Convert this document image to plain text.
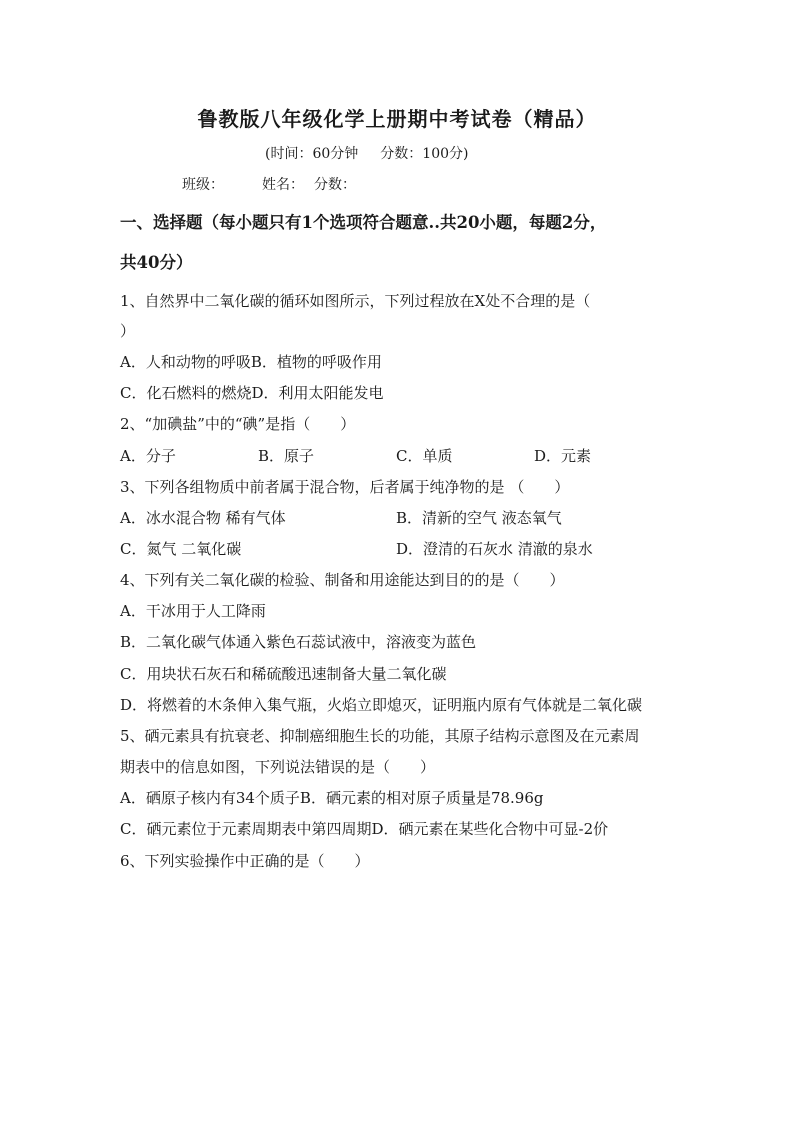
鲁教版八年级化学上册期中考试卷（精品）
(时间：60分钟 分数：100分)
班级：	姓名： 分数：
一、选择题（每小题只有1个选项符合题意..共20小题，每题2分，
共40分）
1、自然界中二氧化碳的循环如图所示，下列过程放在X处不合理的是（
）
A．人和动物的呼吸B．植物的呼吸作用
C．化石燃料的燃烧D．利用太阳能发电
2、“加碘盐”中的“碘”是指（　　）
A．分子	B．原子	C．单质	D．元素
3、下列各组物质中前者属于混合物，后者属于纯净物的是 （　　）
A．冰水混合物 稀有气体	B．清新的空气 液态氧气
C．氮气 二氧化碳	D．澄清的石灰水 清澈的泉水
4、下列有关二氧化碳的检验、制备和用途能达到目的的是（　　）
A．干冰用于人工降雨
B．二氧化碳气体通入紫色石蕊试液中，溶液变为蓝色
C．用块状石灰石和稀硫酸迅速制备大量二氧化碳
D．将燃着的木条伸入集气瓶，火焰立即熄灭，证明瓶内原有气体就是二氧化碳
5、硒元素具有抗衰老、抑制癌细胞生长的功能，其原子结构示意图及在元素周
期表中的信息如图，下列说法错误的是（　　）
A．硒原子核内有34个质子B．硒元素的相对原子质量是78.96g
C．硒元素位于元素周期表中第四周期D．硒元素在某些化合物中可显-2价
6、下列实验操作中正确的是（　　）
